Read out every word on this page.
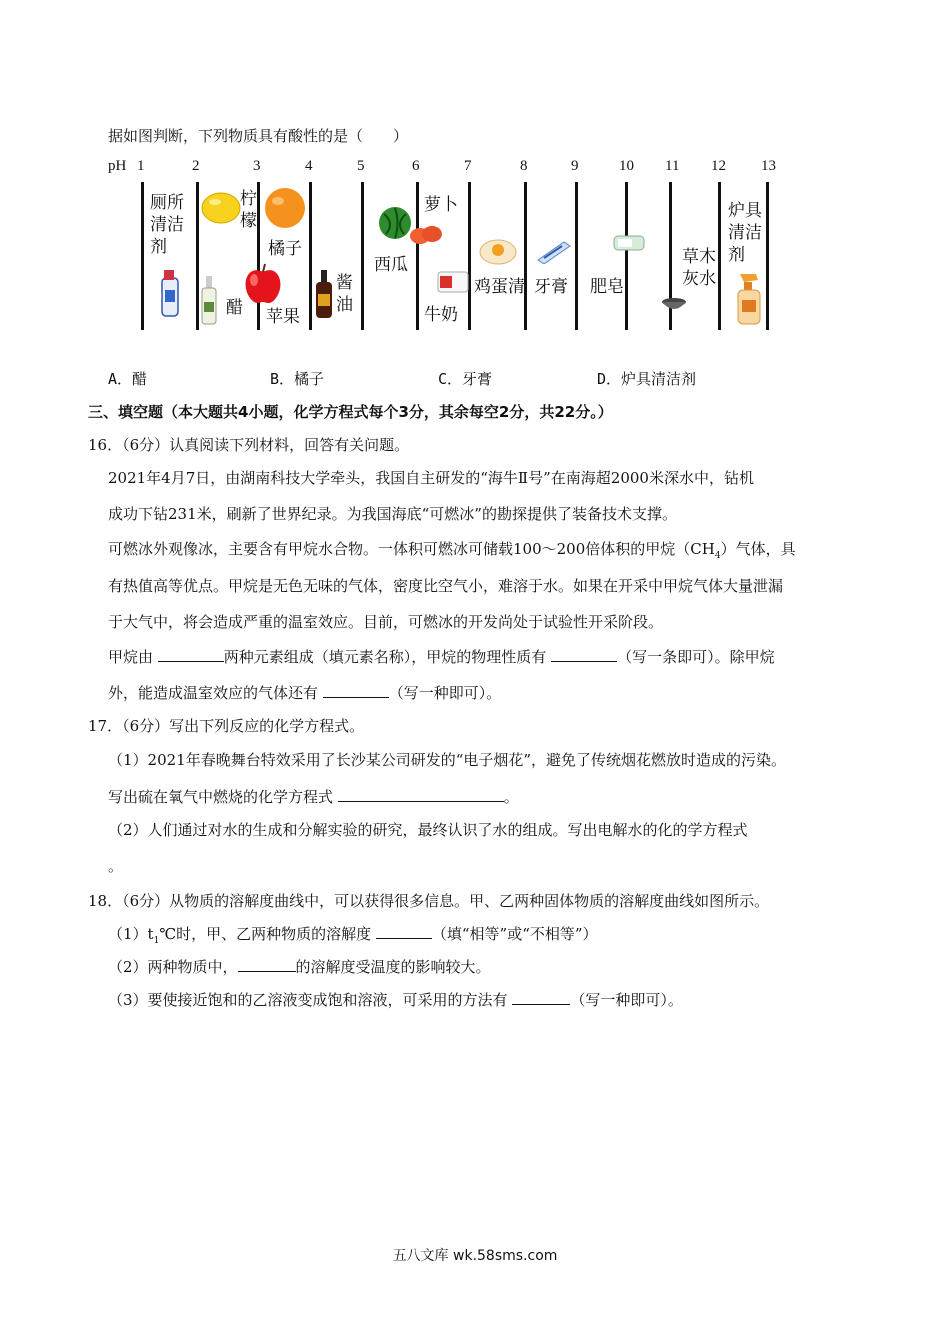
据如图判断，下列物质具有酸性的是（　　）
pH 1	2	3	4	5	6	7	8	9	10 11 12 13
厕所
清洁
剂
柠
檬
橘子
醋 苹果
酱
油
西瓜
萝卜
牛奶
鸡蛋清 牙膏 肥皂
草木
灰水
炉具
清洁
剂
A．醋	B．橘子	C．牙膏	D．炉具清洁剂
三、填空题（本大题共4小题，化学方程式每个3分，其余每空2分，共22分。）
16．（6分）认真阅读下列材料，回答有关问题。
2021年4月7日，由湖南科技大学牵头，我国自主研发的“海牛Ⅱ号”在南海超2000米深水中，钻机
成功下钻231米，刷新了世界纪录。为我国海底“可燃冰”的勘探提供了装备技术支撑。
可燃冰外观像冰，主要含有甲烷水合物。一体积可燃冰可储载100～200倍体积的甲烷$(CH_4)$气体，具
有热值高等优点。甲烷是无色无味的气体，密度比空气小，难溶于水。如果在开采中甲烷气体大量泄漏
于大气中，将会造成严重的温室效应。目前，可燃冰的开发尚处于试验性开采阶段。
甲烷由	两种元素组成（填元素名称），甲烷的物理性质有	（写一条即可）。除甲烷
外，能造成温室效应的气体还有	（写一种即可）。
17．（6分）写出下列反应的化学方程式。
（1）2021年春晚舞台特效采用了长沙某公司研发的“电子烟花”，避免了传统烟花燃放时造成的污染。
写出硫在氧气中燃烧的化学方程式	。
（2）人们通过对水的生成和分解实验的研究，最终认识了水的组成。写出电解水的化的学方程式
。
18．（6分）从物质的溶解度曲线中，可以获得很多信息。甲、乙两种固体物质的溶解度曲线如图所示。
$(1)t_1℃$时，甲、乙两种物质的溶解度	（填“相等”或“不相等”）
（2）两种物质中，	的溶解度受温度的影响较大。
（3）要使接近饱和的乙溶液变成饱和溶液，可采用的方法有	（写一种即可）。
五八文库 wk.58sms.com
